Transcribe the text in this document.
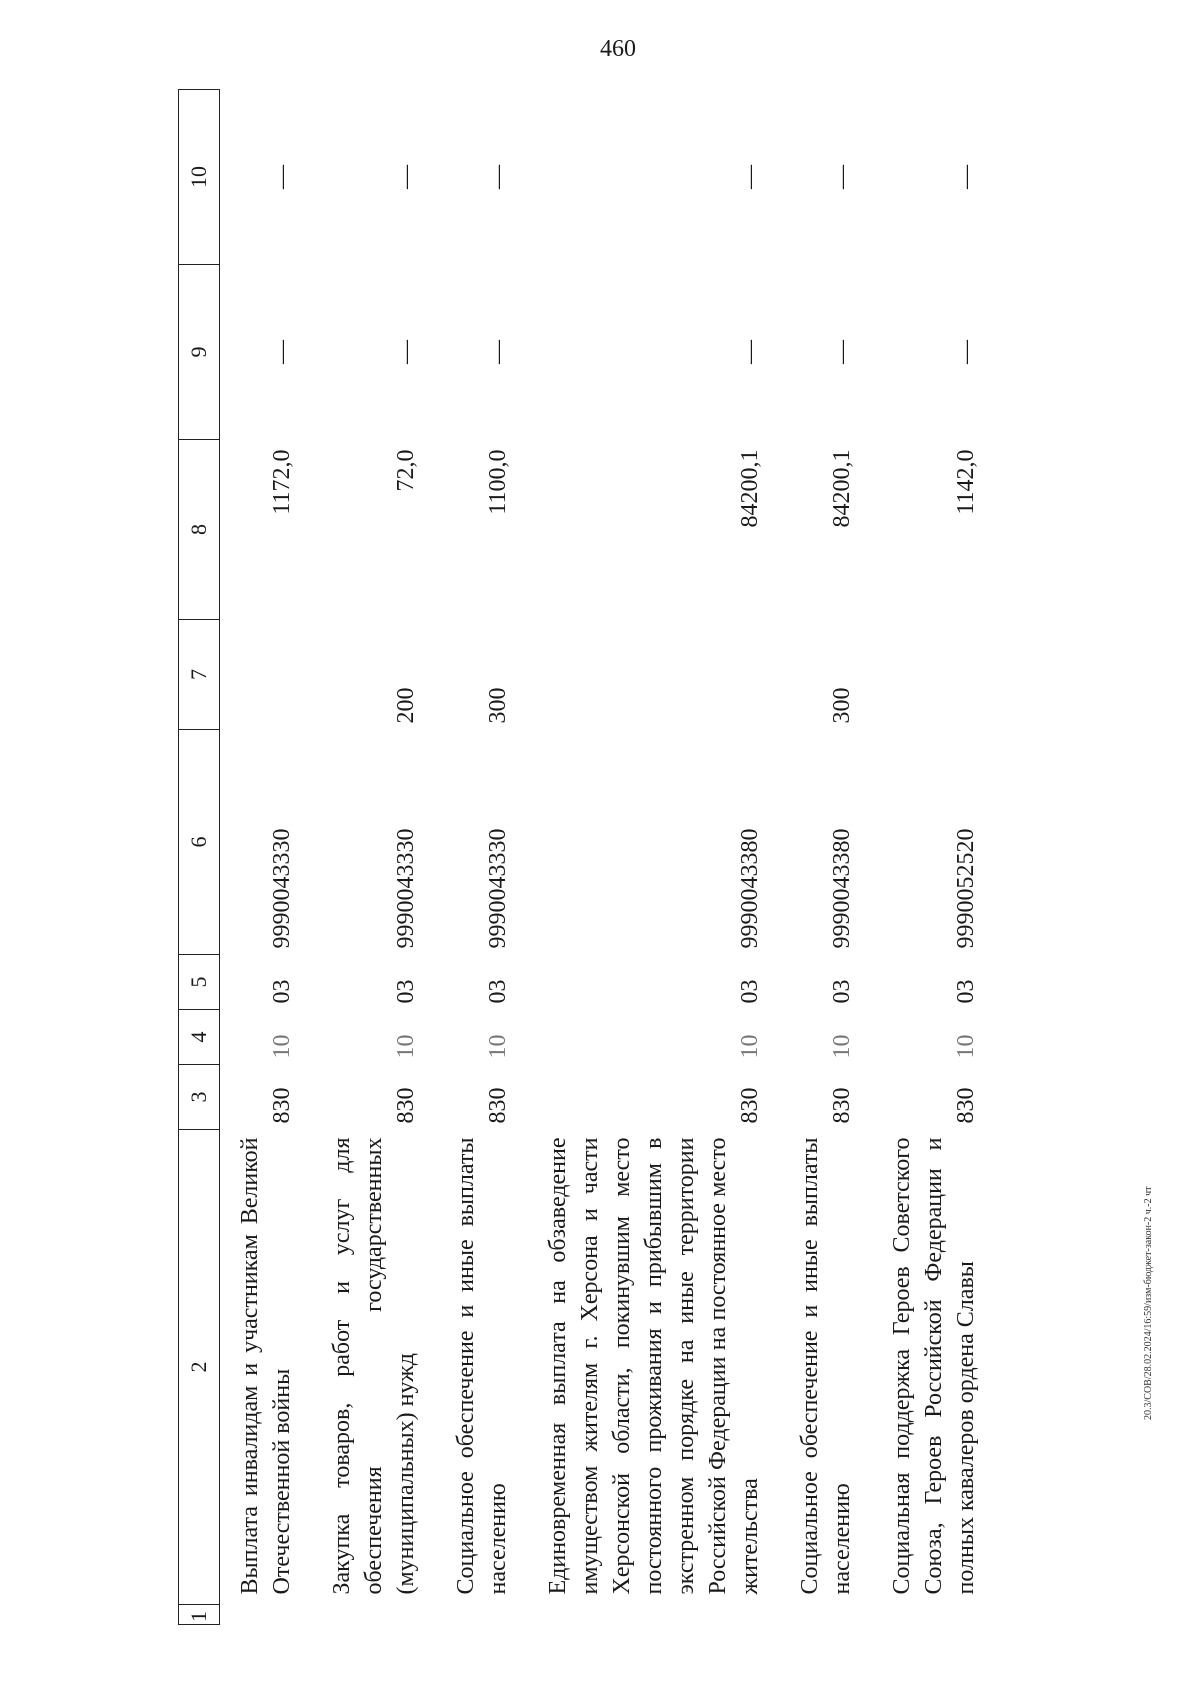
460
20.3/СОВ/28.02.2024/16:59/изм-бюджет-закон-2 ч.-2 чт
1	2	3	4	5	6	7	8	9	10
	Выплата инвалидам и участникам Великой Отечественной войны	830	10	03	9990043330		1172,0	—	—
	Закупка товаров, работ и услуг для обеспечения государственных (муниципальных) нужд	830	10	03	9990043330	200	72,0	—	—
	Социальное обеспечение и иные выплаты населению	830	10	03	9990043330	300	1100,0	—	—
	Единовременная выплата на обзаведение имуществом жителям г. Херсона и части Херсонской области, покинувшим место постоянного проживания и прибывшим в экстренном порядке на иные территории Российской Федерации на постоянное место жительства	830	10	03	9990043380		84200,1	—	—
	Социальное обеспечение и иные выплаты населению	830	10	03	9990043380	300	84200,1	—	—
	Социальная поддержка Героев Советского Союза, Героев Российской Федерации и полных кавалеров ордена Славы	830	10	03	9990052520		1142,0	—	—
